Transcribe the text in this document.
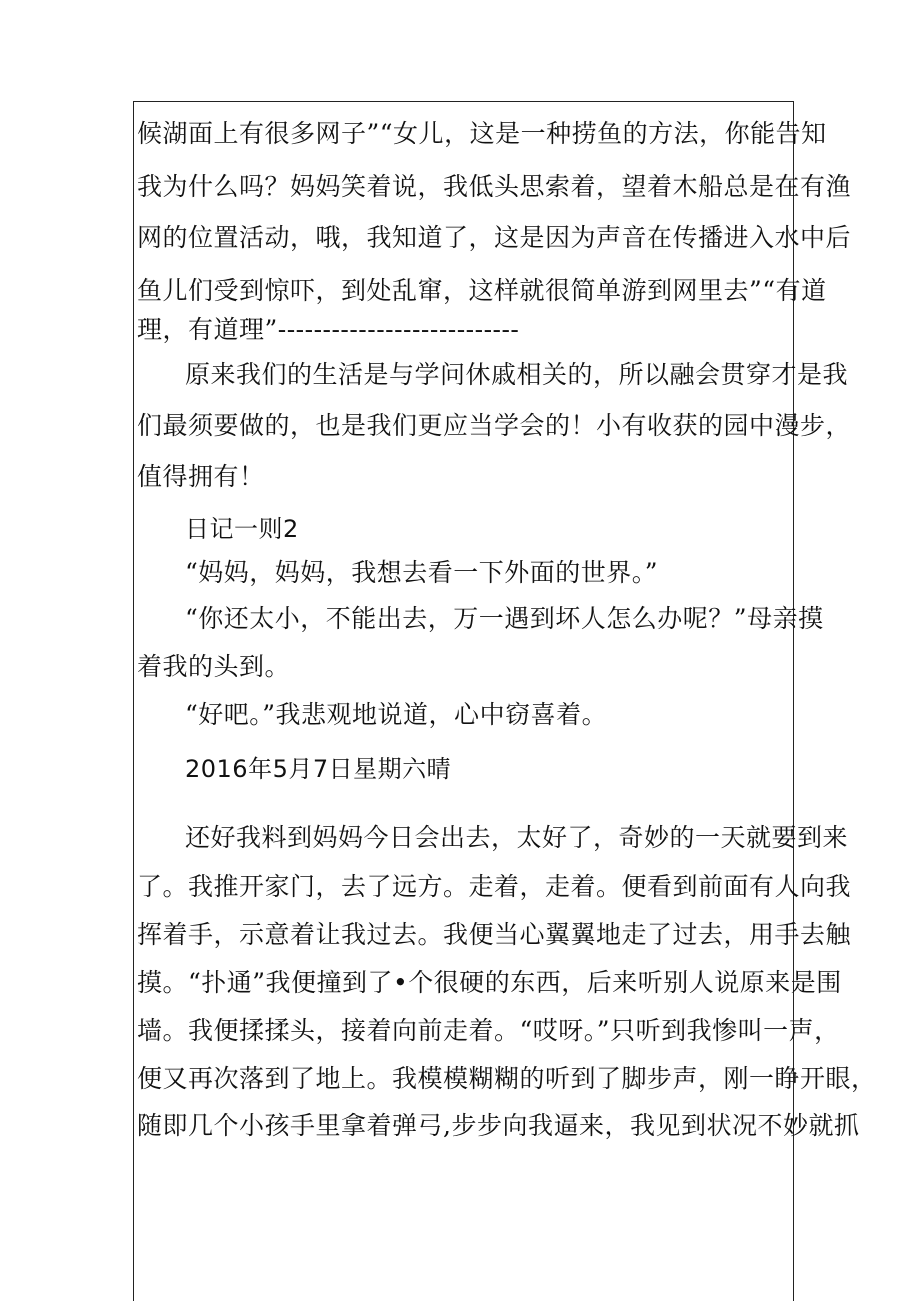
候湖面上有很多网子”“女儿，这是一种捞鱼的方法，你能告知
我为什么吗？妈妈笑着说，我低头思索着，望着木船总是在有渔
网的位置活动，哦，我知道了，这是因为声音在传播进入水中后
鱼儿们受到惊吓，到处乱窜，这样就很简单游到网里去”“有道
理，有道理”---------------------------
原来我们的生活是与学问休戚相关的，所以融会贯穿才是我
们最须要做的，也是我们更应当学会的！小有收获的园中漫步，
值得拥有！
日记一则2
“妈妈，妈妈，我想去看一下外面的世界。”
“你还太小，不能出去，万一遇到坏人怎么办呢？”母亲摸
着我的头到。
“好吧。”我悲观地说道，心中窃喜着。
2016年5月7日星期六晴
还好我料到妈妈今日会出去，太好了，奇妙的一天就要到来
了。我推开家门，去了远方。走着，走着。便看到前面有人向我
挥着手，示意着让我过去。我便当心翼翼地走了过去，用手去触
摸。“扑通”我便撞到了•个很硬的东西，后来听别人说原来是围
墙。我便揉揉头，接着向前走着。“哎呀。”只听到我惨叫一声，
便又再次落到了地上。我模模糊糊的听到了脚步声，刚一睁开眼，
随即几个小孩手里拿着弹弓,步步向我逼来，我见到状况不妙就抓
